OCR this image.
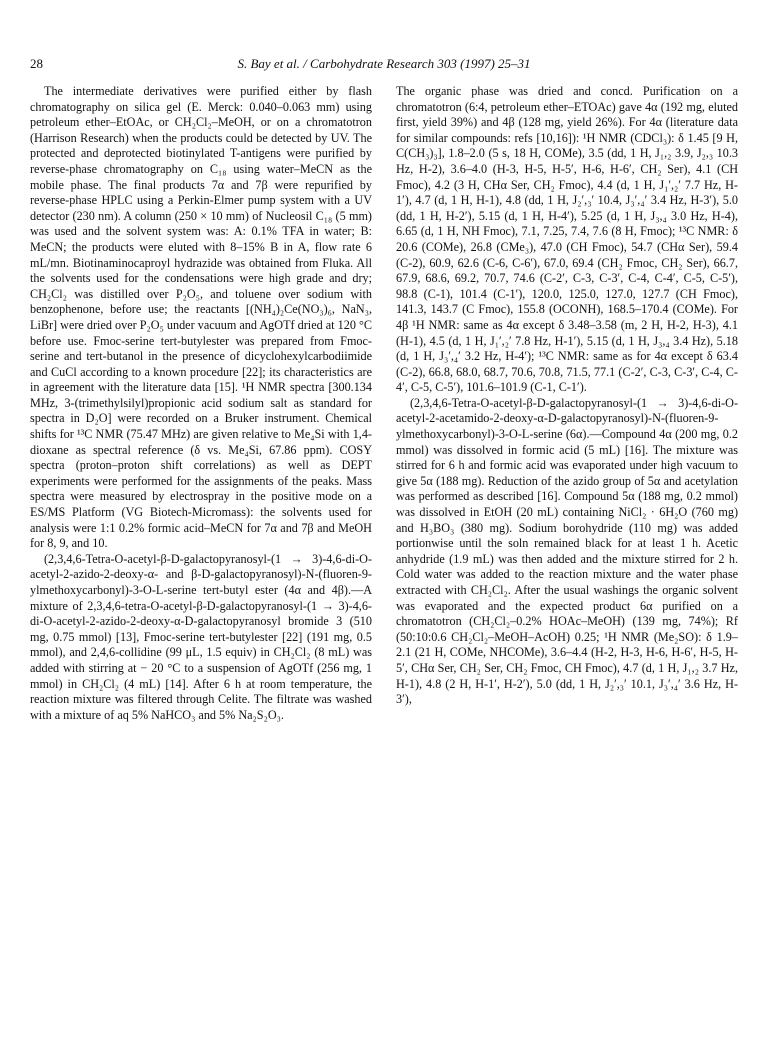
28	S. Bay et al. / Carbohydrate Research 303 (1997) 25–31

The intermediate derivatives were purified either by flash chromatography on silica gel (E. Merck: 0.040–0.063 mm) using petroleum ether–EtOAc, or CH₂Cl₂–MeOH, or on a chromatotron (Harrison Research) when the products could be detected by UV. The protected and deprotected biotinylated T-antigens were purified by reverse-phase chromatography on C₁₈ using water–MeCN as the mobile phase. The final products 7α and 7β were repurified by reverse-phase HPLC using a Perkin-Elmer pump system with a UV detector (230 nm). A column (250 × 10 mm) of Nucleosil C₁₈ (5 mm) was used and the solvent system was: A: 0.1% TFA in water; B: MeCN; the products were eluted with 8–15% B in A, flow rate 6 mL/mn. Biotinaminocaproyl hydrazide was obtained from Fluka. All the solvents used for the condensations were high grade and dry; CH₂Cl₂ was distilled over P₂O₅, and toluene over sodium with benzophenone, before use; the reactants [(NH₄)₂Ce(NO₃)₆, NaN₃, LiBr] were dried over P₂O₅ under vacuum and AgOTf dried at 120 °C before use. Fmoc-serine tert-butylester was prepared from Fmoc-serine and tert-butanol in the presence of dicyclohexylcarbodiimide and CuCl according to a known procedure [22]; its characteristics are in agreement with the literature data [15]. ¹H NMR spectra [300.134 MHz, 3-(trimethylsilyl)propionic acid sodium salt as standard for spectra in D₂O] were recorded on a Bruker instrument. Chemical shifts for ¹³C NMR (75.47 MHz) are given relative to Me₄Si with 1,4-dioxane as spectral reference (δ vs. Me₄Si, 67.86 ppm). COSY spectra (proton–proton shift correlations) as well as DEPT experiments were performed for the assignments of the peaks. Mass spectra were measured by electrospray in the positive mode on a ES/MS Platform (VG Biotech-Micromass): the solvents used for analysis were 1:1 0.2% formic acid–MeCN for 7α and 7β and MeOH for 8, 9, and 10.

(2,3,4,6-Tetra-O-acetyl-β-D-galactopyranosyl-(1 → 3)-4,6-di-O-acetyl-2-azido-2-deoxy-α- and β-D-galactopyranosyl)-N-(fluoren-9-ylmethoxycarbonyl)-3-O-L-serine tert-butyl ester (4α and 4β).—A mixture of 2,3,4,6-tetra-O-acetyl-β-D-galactopyranosyl-(1 → 3)-4,6-di-O-acetyl-2-azido-2-deoxy-α-D-galactopyranosyl bromide 3 (510 mg, 0.75 mmol) [13], Fmoc-serine tert-butylester [22] (191 mg, 0.5 mmol), and 2,4,6-collidine (99 μL, 1.5 equiv) in CH₂Cl₂ (8 mL) was added with stirring at − 20 °C to a suspension of AgOTf (256 mg, 1 mmol) in CH₂Cl₂ (4 mL) [14]. After 6 h at room temperature, the reaction mixture was filtered through Celite. The filtrate was washed with a mixture of aq 5% NaHCO₃ and 5% Na₂S₂O₃.

The organic phase was dried and concd. Purification on a chromatotron (6:4, petroleum ether–ETOAc) gave 4α (192 mg, eluted first, yield 39%) and 4β (128 mg, yield 26%). For 4α (literature data for similar compounds: refs [10,16]): ¹H NMR (CDCl₃): δ 1.45 [9 H, C(CH₃)₃], 1.8–2.0 (5 s, 18 H, COMe), 3.5 (dd, 1 H, J₁,₂ 3.9, J₂,₃ 10.3 Hz, H-2), 3.6–4.0 (H-3, H-5, H-5′, H-6, H-6′, CH₂ Ser), 4.1 (CH Fmoc), 4.2 (3 H, CHα Ser, CH₂ Fmoc), 4.4 (d, 1 H, J₁′,₂′ 7.7 Hz, H-1′), 4.7 (d, 1 H, H-1), 4.8 (dd, 1 H, J₂′,₃′ 10.4, J₃′,₄′ 3.4 Hz, H-3′), 5.0 (dd, 1 H, H-2′), 5.15 (d, 1 H, H-4′), 5.25 (d, 1 H, J₃,₄ 3.0 Hz, H-4), 6.65 (d, 1 H, NH Fmoc), 7.1, 7.25, 7.4, 7.6 (8 H, Fmoc); ¹³C NMR: δ 20.6 (COMe), 26.8 (CMe₃), 47.0 (CH Fmoc), 54.7 (CHα Ser), 59.4 (C-2), 60.9, 62.6 (C-6, C-6′), 67.0, 69.4 (CH₂ Fmoc, CH₂ Ser), 66.7, 67.9, 68.6, 69.2, 70.7, 74.6 (C-2′, C-3, C-3′, C-4, C-4′, C-5, C-5′), 98.8 (C-1), 101.4 (C-1′), 120.0, 125.0, 127.0, 127.7 (CH Fmoc), 141.3, 143.7 (C Fmoc), 155.8 (OCONH), 168.5–170.4 (COMe). For 4β ¹H NMR: same as 4α except δ 3.48–3.58 (m, 2 H, H-2, H-3), 4.1 (H-1), 4.5 (d, 1 H, J₁′,₂′ 7.8 Hz, H-1′), 5.15 (d, 1 H, J₃,₄ 3.4 Hz), 5.18 (d, 1 H, J₃′,₄′ 3.2 Hz, H-4′); ¹³C NMR: same as for 4α except δ 63.4 (C-2), 66.8, 68.0, 68.7, 70.6, 70.8, 71.5, 77.1 (C-2′, C-3, C-3′, C-4, C-4′, C-5, C-5′), 101.6–101.9 (C-1, C-1′).

(2,3,4,6-Tetra-O-acetyl-β-D-galactopyranosyl-(1 → 3)-4,6-di-O-acetyl-2-acetamido-2-deoxy-α-D-galactopyranosyl)-N-(fluoren-9-ylmethoxycarbonyl)-3-O-L-serine (6α).—Compound 4α (200 mg, 0.2 mmol) was dissolved in formic acid (5 mL) [16]. The mixture was stirred for 6 h and formic acid was evaporated under high vacuum to give 5α (188 mg). Reduction of the azido group of 5α and acetylation was performed as described [16]. Compound 5α (188 mg, 0.2 mmol) was dissolved in EtOH (20 mL) containing NiCl₂ · 6H₂O (760 mg) and H₃BO₃ (380 mg). Sodium borohydride (110 mg) was added portionwise until the soln remained black for at least 1 h. Acetic anhydride (1.9 mL) was then added and the mixture stirred for 2 h. Cold water was added to the reaction mixture and the water phase extracted with CH₂Cl₂. After the usual washings the organic solvent was evaporated and the expected product 6α purified on a chromatotron (CH₂Cl₂–0.2% HOAc–MeOH) (139 mg, 74%); Rf (50:10:0.6 CH₂Cl₂–MeOH–AcOH) 0.25; ¹H NMR (Me₂SO): δ 1.9–2.1 (21 H, COMe, NHCOMe), 3.6–4.4 (H-2, H-3, H-6, H-6′, H-5, H-5′, CHα Ser, CH₂ Ser, CH₂ Fmoc, CH Fmoc), 4.7 (d, 1 H, J₁,₂ 3.7 Hz, H-1), 4.8 (2 H, H-1′, H-2′), 5.0 (dd, 1 H, J₂′,₃′ 10.1, J₃′,₄′ 3.6 Hz, H-3′),
